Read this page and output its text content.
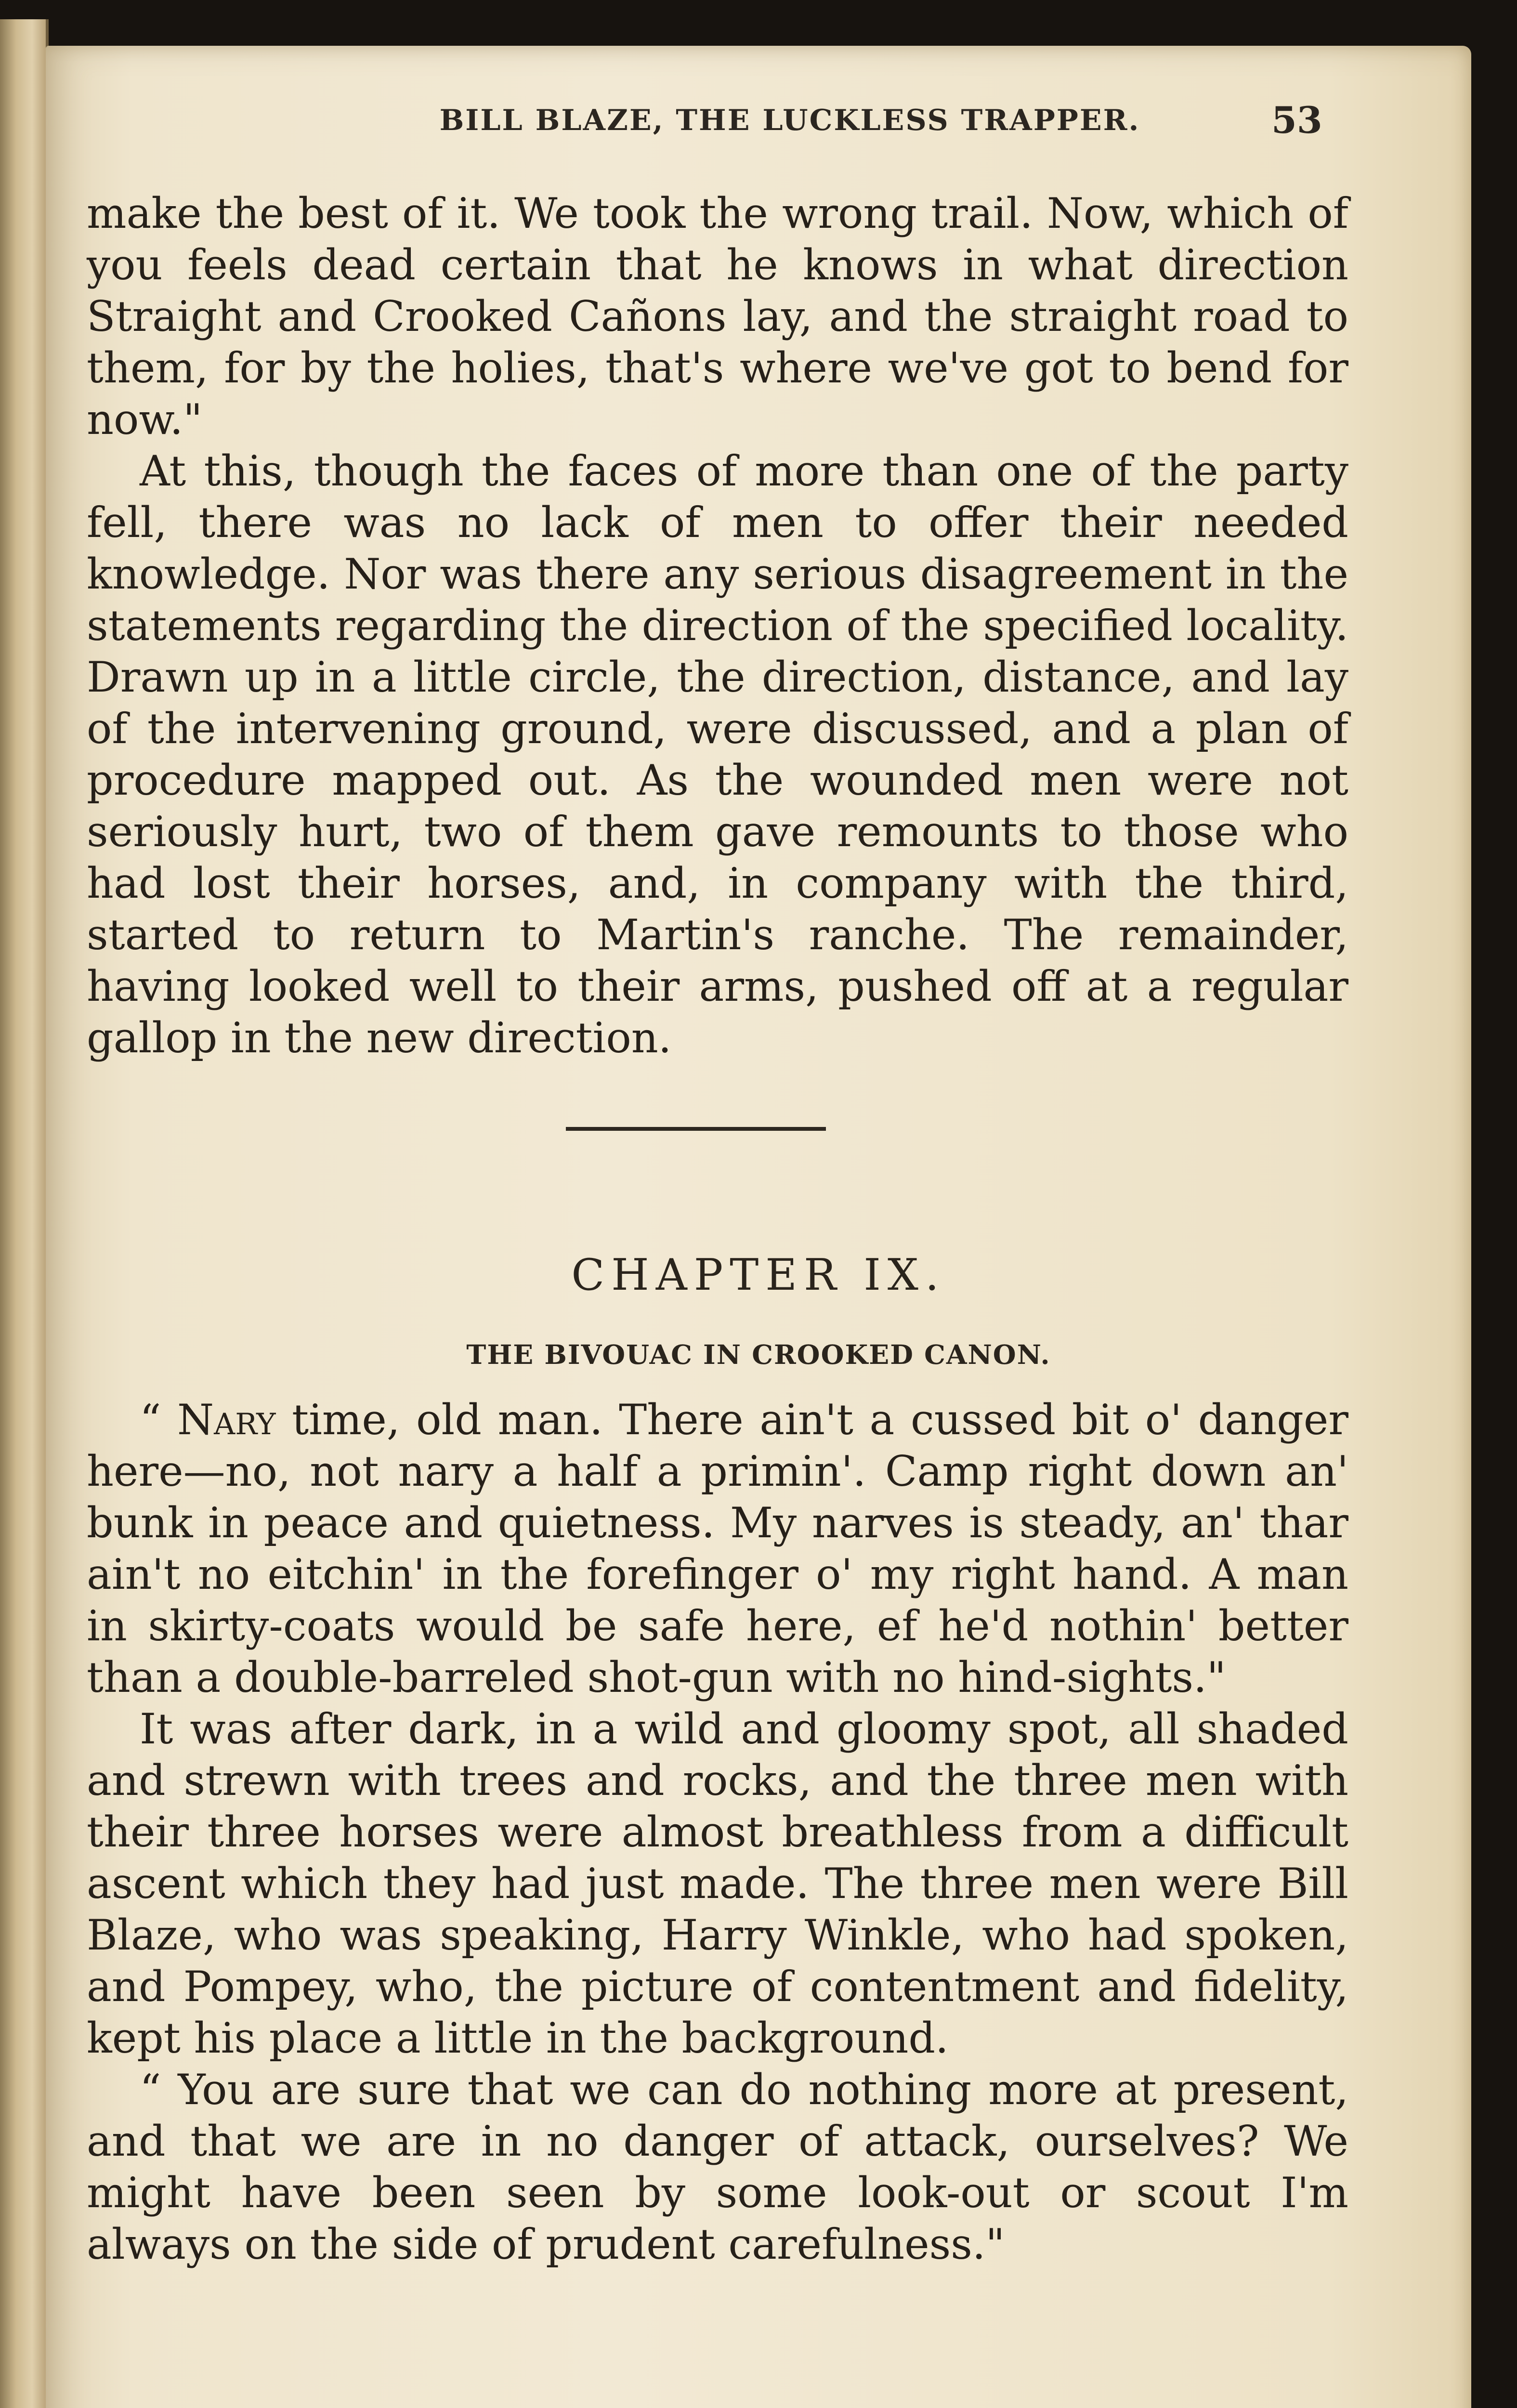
BILL BLAZE, THE LUCKLESS TRAPPER.	53

make the best of it. We took the wrong trail. Now, which of you feels dead certain that he knows in what direction Straight and Crooked Cañons lay, and the straight road to them, for by the holies, that's where we've got to bend for now."

At this, though the faces of more than one of the party fell, there was no lack of men to offer their needed knowledge. Nor was there any serious disagreement in the statements regarding the direction of the specified locality. Drawn up in a little circle, the direction, distance, and lay of the intervening ground, were discussed, and a plan of procedure mapped out. As the wounded men were not seriously hurt, two of them gave remounts to those who had lost their horses, and, in company with the third, started to return to Martin's ranche. The remainder, having looked well to their arms, pushed off at a regular gallop in the new direction.

CHAPTER IX.
THE BIVOUAC IN CROOKED CANON.

“ Nary time, old man. There ain't a cussed bit o' danger here—no, not nary a half a primin'. Camp right down an' bunk in peace and quietness. My narves is steady, an' thar ain't no eitchin' in the forefinger o' my right hand. A man in skirty-coats would be safe here, ef he'd nothin' better than a double-barreled shot-gun with no hind-sights."

It was after dark, in a wild and gloomy spot, all shaded and strewn with trees and rocks, and the three men with their three horses were almost breathless from a difficult ascent which they had just made. The three men were Bill Blaze, who was speaking, Harry Winkle, who had spoken, and Pompey, who, the picture of contentment and fidelity, kept his place a little in the background.

“ You are sure that we can do nothing more at present, and that we are in no danger of attack, ourselves? We might have been seen by some look-out or scout I'm always on the side of prudent carefulness."
